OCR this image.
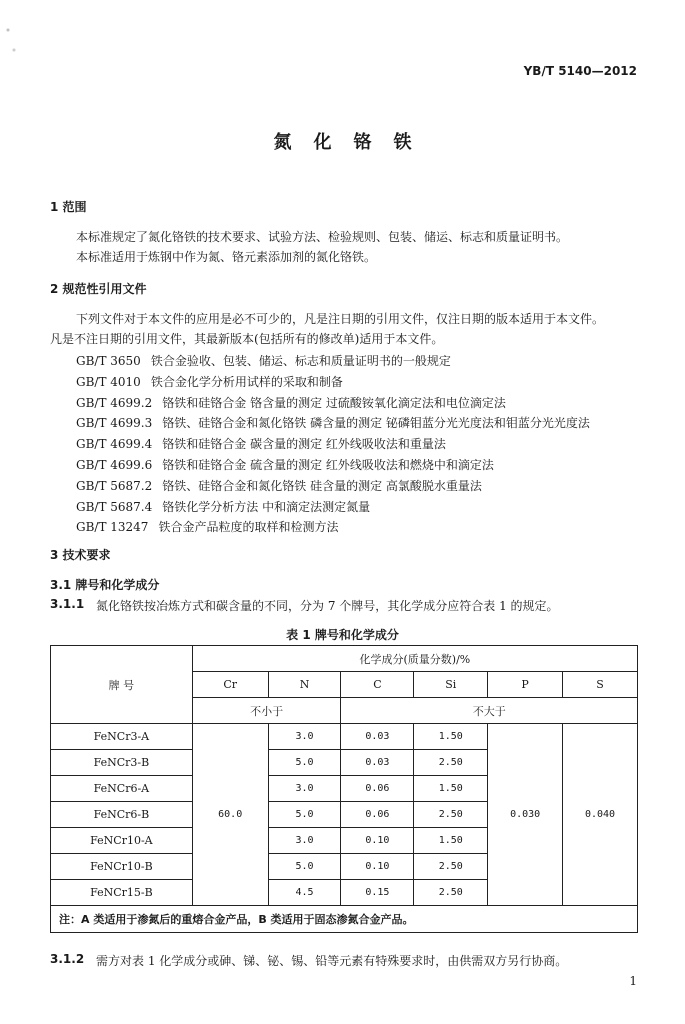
YB/T 5140—2012
氮化铬铁
1 范围
本标准规定了氮化铬铁的技术要求、试验方法、检验规则、包装、储运、标志和质量证明书。
本标准适用于炼钢中作为氮、铬元素添加剂的氮化铬铁。
2 规范性引用文件
下列文件对于本文件的应用是必不可少的，凡是注日期的引用文件，仅注日期的版本适用于本文件。
凡是不注日期的引用文件，其最新版本(包括所有的修改单)适用于本文件。
GB/T 3650 铁合金验收、包装、储运、标志和质量证明书的一般规定
GB/T 4010 铁合金化学分析用试样的采取和制备
GB/T 4699.2 铬铁和硅铬合金 铬含量的测定 过硫酸铵氧化滴定法和电位滴定法
GB/T 4699.3 铬铁、硅铬合金和氮化铬铁 磷含量的测定 铋磷钼蓝分光光度法和钼蓝分光光度法
GB/T 4699.4 铬铁和硅铬合金 碳含量的测定 红外线吸收法和重量法
GB/T 4699.6 铬铁和硅铬合金 硫含量的测定 红外线吸收法和燃烧中和滴定法
GB/T 5687.2 铬铁、硅铬合金和氮化铬铁 硅含量的测定 高氯酸脱水重量法
GB/T 5687.4 铬铁化学分析方法 中和滴定法测定氮量
GB/T 13247 铁合金产品粒度的取样和检测方法
3 技术要求
3.1 牌号和化学成分
3.1.1 氮化铬铁按冶炼方式和碳含量的不同，分为 7 个牌号，其化学成分应符合表 1 的规定。
表 1 牌号和化学成分
牌 号	化学成分(质量分数)/%					
	Cr	N	C	Si	P	S
	不小于		不大于			
FeNCr3-A	60.0	3.0	0.03	1.50	0.030	0.040
FeNCr3-B		5.0	0.03	2.50		
FeNCr6-A		3.0	0.06	1.50		
FeNCr6-B		5.0	0.06	2.50		
FeNCr10-A		3.0	0.10	1.50		
FeNCr10-B		5.0	0.10	2.50		
FeNCr15-B		4.5	0.15	2.50		
注：A 类适用于渗氮后的重熔合金产品，B 类适用于固态渗氮合金产品。						
3.1.2 需方对表 1 化学成分或砷、锑、铋、锡、铅等元素有特殊要求时，由供需双方另行协商。
1
